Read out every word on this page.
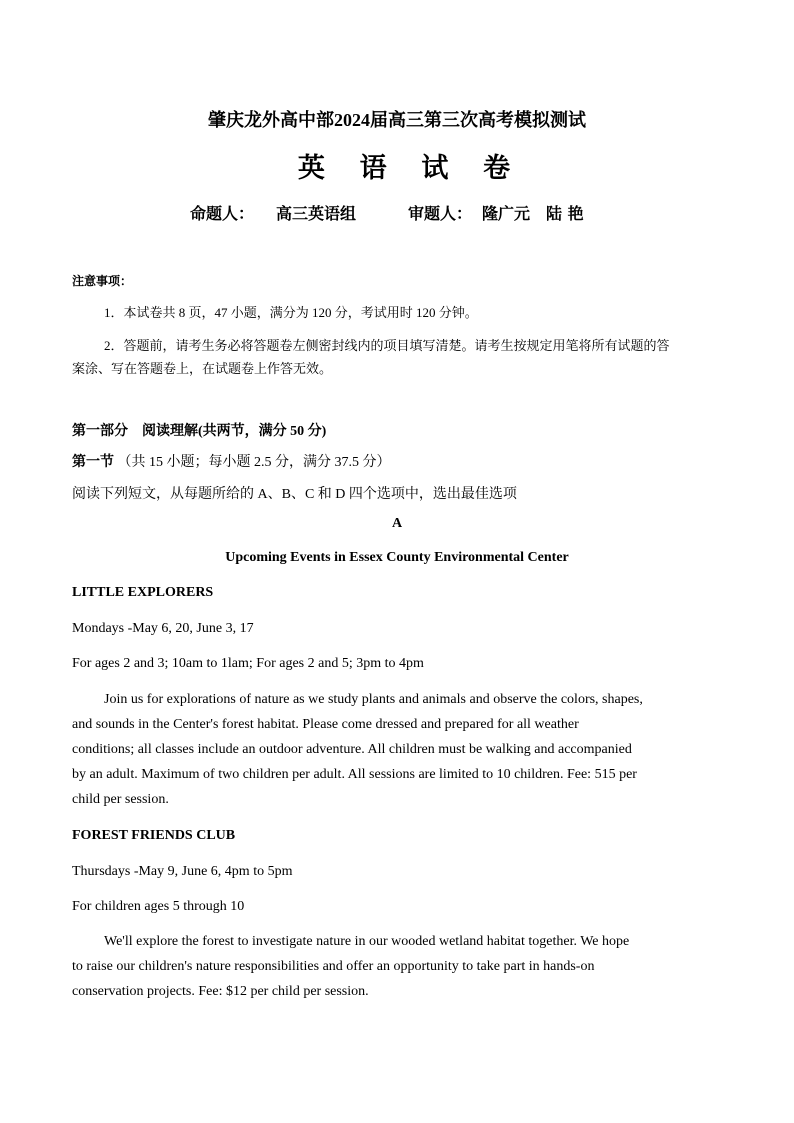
肇庆龙外高中部2024届高三第三次高考模拟测试
英 语 试 卷
命题人： 高三英语组	审题人： 隆广元　陆 艳
注意事项：
1．本试卷共 8 页，47 小题，满分为 120 分，考试用时 120 分钟。
2．答题前，请考生务必将答题卷左侧密封线内的项目填写清楚。请考生按规定用笔将所有试题的答
案涂、写在答题卷上，在试题卷上作答无效。
第一部分　阅读理解(共两节，满分 50 分)
第一节 （共 15 小题；每小题 2.5 分，满分 37.5 分）
阅读下列短文，从每题所给的 A、B、C 和 D 四个选项中，选出最佳选项
A
Upcoming Events in Essex County Environmental Center
LITTLE EXPLORERS
Mondays -May 6, 20, June 3, 17
For ages 2 and 3; 10am to 1lam; For ages 2 and 5; 3pm to 4pm
Join us for explorations of nature as we study plants and animals and observe the colors, shapes,
and sounds in the Center's forest habitat. Please come dressed and prepared for all weather
conditions; all classes include an outdoor adventure. All children must be walking and accompanied
by an adult. Maximum of two children per adult. All sessions are limited to 10 children. Fee: 515 per
child per session.
FOREST FRIENDS CLUB
Thursdays -May 9, June 6, 4pm to 5pm
For children ages 5 through 10
We'll explore the forest to investigate nature in our wooded wetland habitat together. We hope
to raise our children's nature responsibilities and offer an opportunity to take part in hands-on
conservation projects. Fee: $12 per child per session.
